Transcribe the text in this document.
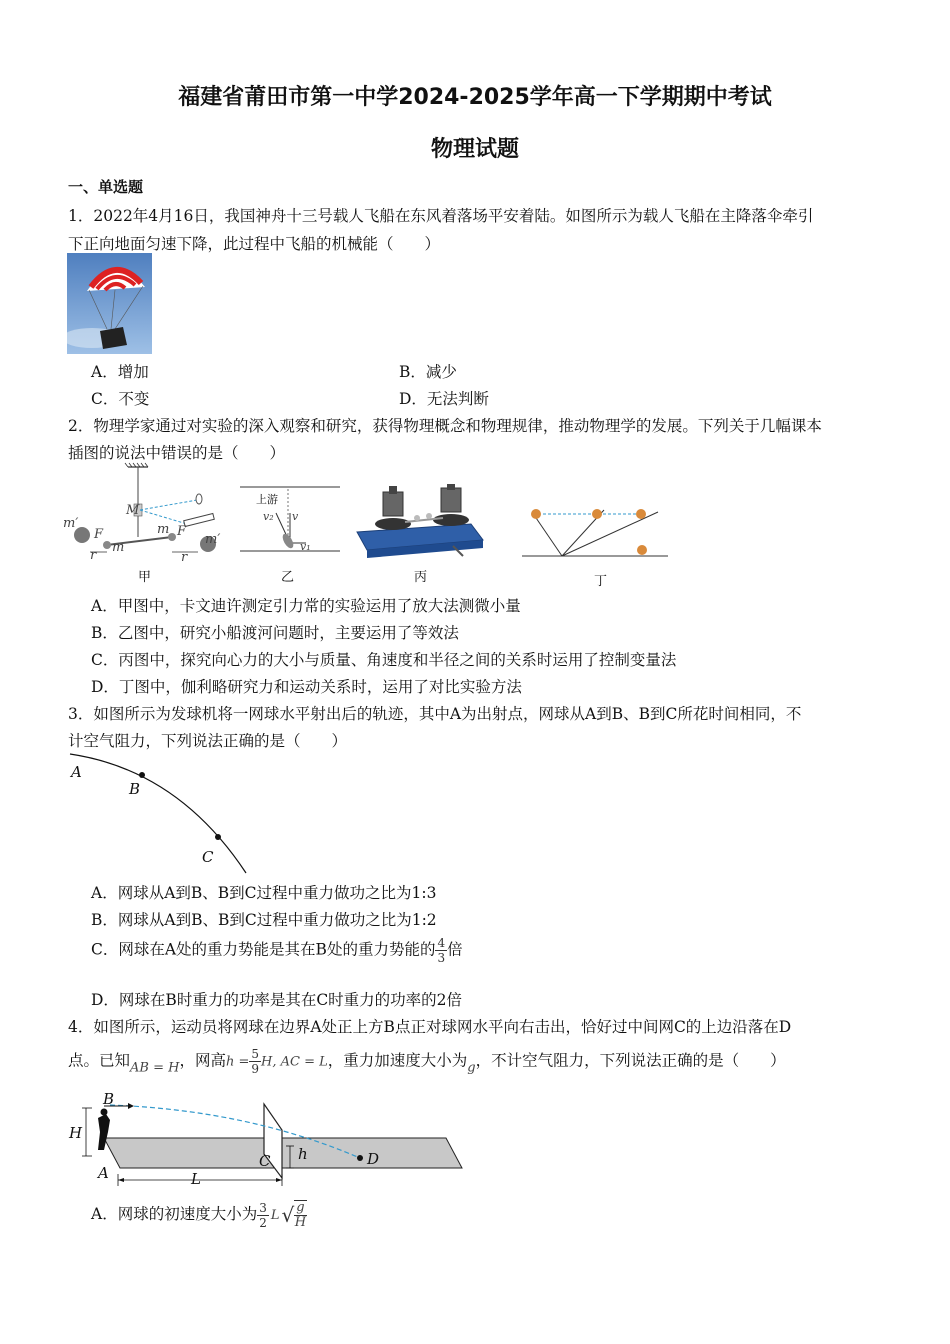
福建省莆田市第一中学2024-2025学年高一下学期期中考试
物理试题
一、单选题
1．2022年4月16日，我国神舟十三号载人飞船在东风着落场平安着陆。如图所示为载人飞船在主降落伞牵引
下正向地面匀速下降，此过程中飞船的机械能（　　）
A．增加	B．减少
C．不变	D．无法判断
2．物理学家通过对实验的深入观察和研究，获得物理概念和物理规律，推动物理学的发展。下列关于几幅课本
插图的说法中错误的是（　　）
m′
M
F
m
m F
m′
r	r
甲
上游
v₂ v
v₁
乙	丙	丁
A．甲图中，卡文迪许测定引力常的实验运用了放大法测微小量
B．乙图中，研究小船渡河问题时，主要运用了等效法
C．丙图中，探究向心力的大小与质量、角速度和半径之间的关系时运用了控制变量法
D．丁图中，伽利略研究力和运动关系时，运用了对比实验方法
3．如图所示为发球机将一网球水平射出后的轨迹，其中A为出射点，网球从A到B、B到C所花时间相同，不
计空气阻力，下列说法正确的是（　　）
A
B
C
A．网球从A到B、B到C过程中重力做功之比为1:3
B．网球从A到B、B到C过程中重力做功之比为1:2
C．网球在A处的重力势能是其在B处的重力势能的 $\frac{4}{3}$ 倍
D．网球在B时重力的功率是其在C时重力的功率的2倍
4．如图所示，运动员将网球在边界A处正上方B点正对球网水平向右击出，恰好过中间网C的上边沿落在D
点。已知$_{AB = H}$，网高$h = \frac{5}{9} H$, AC = L，重力加速度大小为$_g$，不计空气阻力，下列说法正确的是（　　）
B
H
C h	D
A	L
A．网球的初速度大小为 $\frac{3}{2}$ L √ $\frac{g}{H}$
